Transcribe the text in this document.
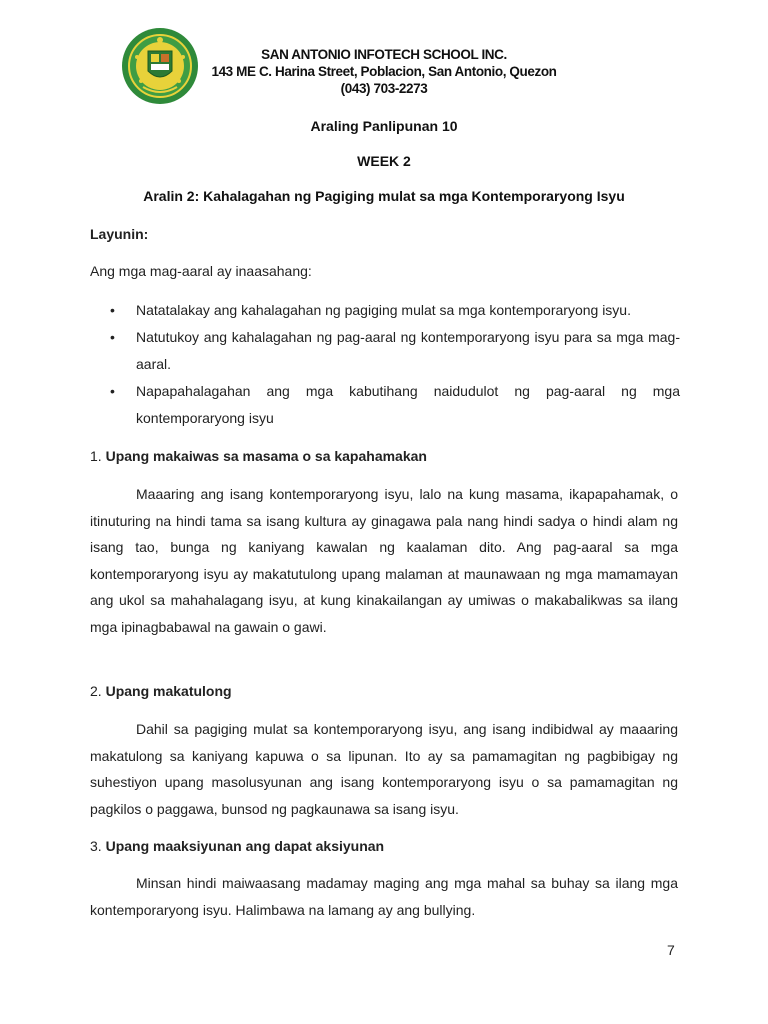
SAN ANTONIO INFOTECH SCHOOL INC.
143 ME C. Harina Street, Poblacion, San Antonio, Quezon
(043) 703-2273
Araling Panlipunan 10
WEEK 2
Aralin 2: Kahalagahan ng Pagiging mulat sa mga Kontemporaryong Isyu
Layunin:
Ang mga mag-aaral ay inaasahang:
• Natatalakay ang kahalagahan ng pagiging mulat sa mga kontemporaryong isyu.
• Natutukoy ang kahalagahan ng pag-aaral ng kontemporaryong isyu para sa mga mag-aaral.
• Napapahalagahan ang mga kabutihang naidudulot ng pag-aaral ng mga kontemporaryong isyu
1. Upang makaiwas sa masama o sa kapahamakan

Maaaring ang isang kontemporaryong isyu, lalo na kung masama, ikapapahamak, o itinuturing na hindi tama sa isang kultura ay ginagawa pala nang hindi sadya o hindi alam ng isang tao, bunga ng kaniyang kawalan ng kaalaman dito. Ang pag-aaral sa mga kontemporaryong isyu ay makatutulong upang malaman at maunawaan ng mga mamamayan ang ukol sa mahahalagang isyu, at kung kinakailangan ay umiwas o makabalikwas sa ilang mga ipinagbabawal na gawain o gawi.

2. Upang makatulong

Dahil sa pagiging mulat sa kontemporaryong isyu, ang isang indibidwal ay maaaring makatulong sa kaniyang kapuwa o sa lipunan. Ito ay sa pamamagitan ng pagbibigay ng suhestiyon upang masolusyunan ang isang kontemporaryong isyu o sa pamamagitan ng pagkilos o paggawa, bunsod ng pagkaunawa sa isang isyu.

3. Upang maaksiyunan ang dapat aksiyunan

Minsan hindi maiwaasang madamay maging ang mga mahal sa buhay sa ilang mga kontemporaryong isyu. Halimbawa na lamang ay ang bullying.

7
